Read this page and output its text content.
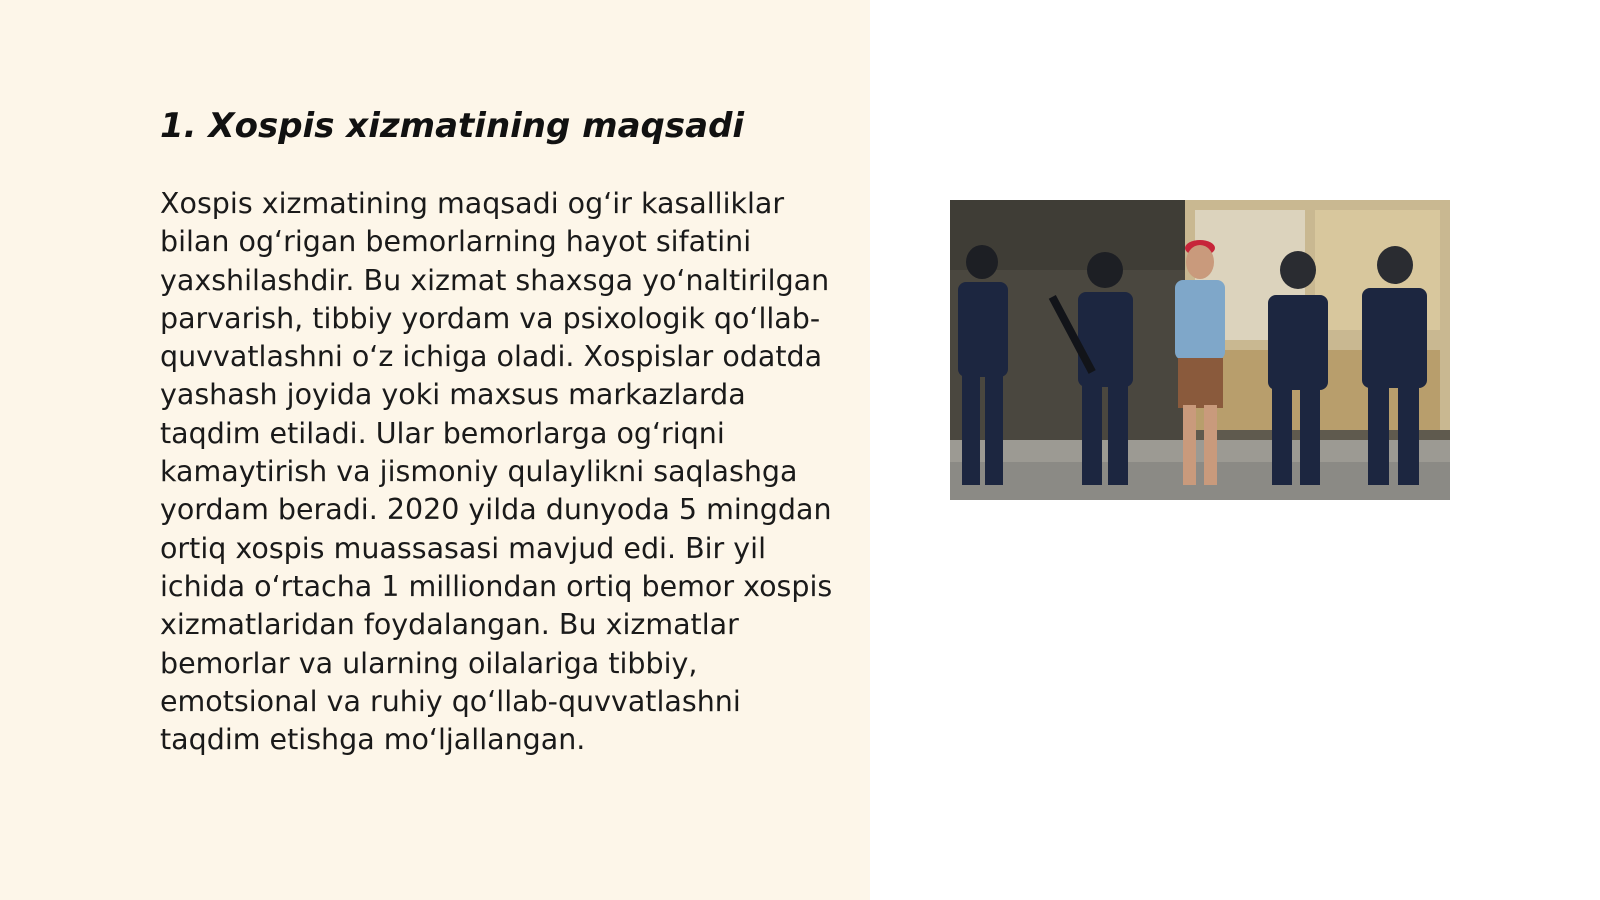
1. Xospis xizmatining maqsadi

Xospis xizmatining maqsadi og‘ir kasalliklar bilan og‘rigan bemorlarning hayot sifatini yaxshilashdir. Bu xizmat shaxsga yo‘naltirilgan parvarish, tibbiy yordam va psixologik qo‘llab-quvvatlashni o‘z ichiga oladi. Xospislar odatda yashash joyida yoki maxsus markazlarda taqdim etiladi. Ular bemorlarga og‘riqni kamaytirish va jismoniy qulaylikni saqlashga yordam beradi. 2020 yilda dunyoda 5 mingdan ortiq xospis muassasasi mavjud edi. Bir yil ichida o‘rtacha 1 milliondan ortiq bemor xospis xizmatlaridan foydalangan. Bu xizmatlar bemorlar va ularning oilalariga tibbiy, emotsional va ruhiy qo‘llab-quvvatlashni taqdim etishga mo‘ljallangan.
